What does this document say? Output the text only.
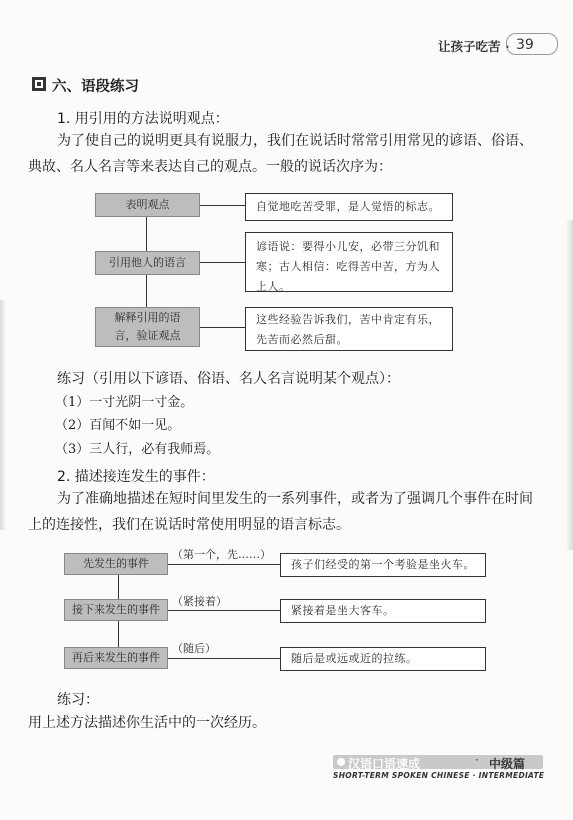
让孩子吃苦 · 39
六、语段练习
1. 用引用的方法说明观点：
为了使自己的说明更具有说服力，我们在说话时常常引用常见的谚语、俗语、
典故、名人名言等来表达自己的观点。一般的说话次序为：
表明观点
引用他人的语言
解释引用的语言，验证观点
自觉地吃苦受罪，是人觉悟的标志。
谚语说：要得小儿安，必带三分饥和寒；古人相信：吃得苦中苦，方为人上人。
这些经验告诉我们，苦中肯定有乐，先苦而必然后甜。
练习（引用以下谚语、俗语、名人名言说明某个观点）：
（1）一寸光阴一寸金。
（2）百闻不如一见。
（3）三人行，必有我师焉。
2. 描述接连发生的事件：
为了准确地描述在短时间里发生的一系列事件，或者为了强调几个事件在时间
上的连接性，我们在说话时常使用明显的语言标志。
先发生的事件
接下来发生的事件
再后来发生的事件
（第一个，先……）
（紧接着）
（随后）
孩子们经受的第一个考验是坐火车。
紧接着是坐大客车。
随后是或远或近的拉练。
练习：
用上述方法描述你生活中的一次经历。
汉语口语速成	· 中级篇
SHORT-TERM SPOKEN CHINESE · INTERMEDIATE
